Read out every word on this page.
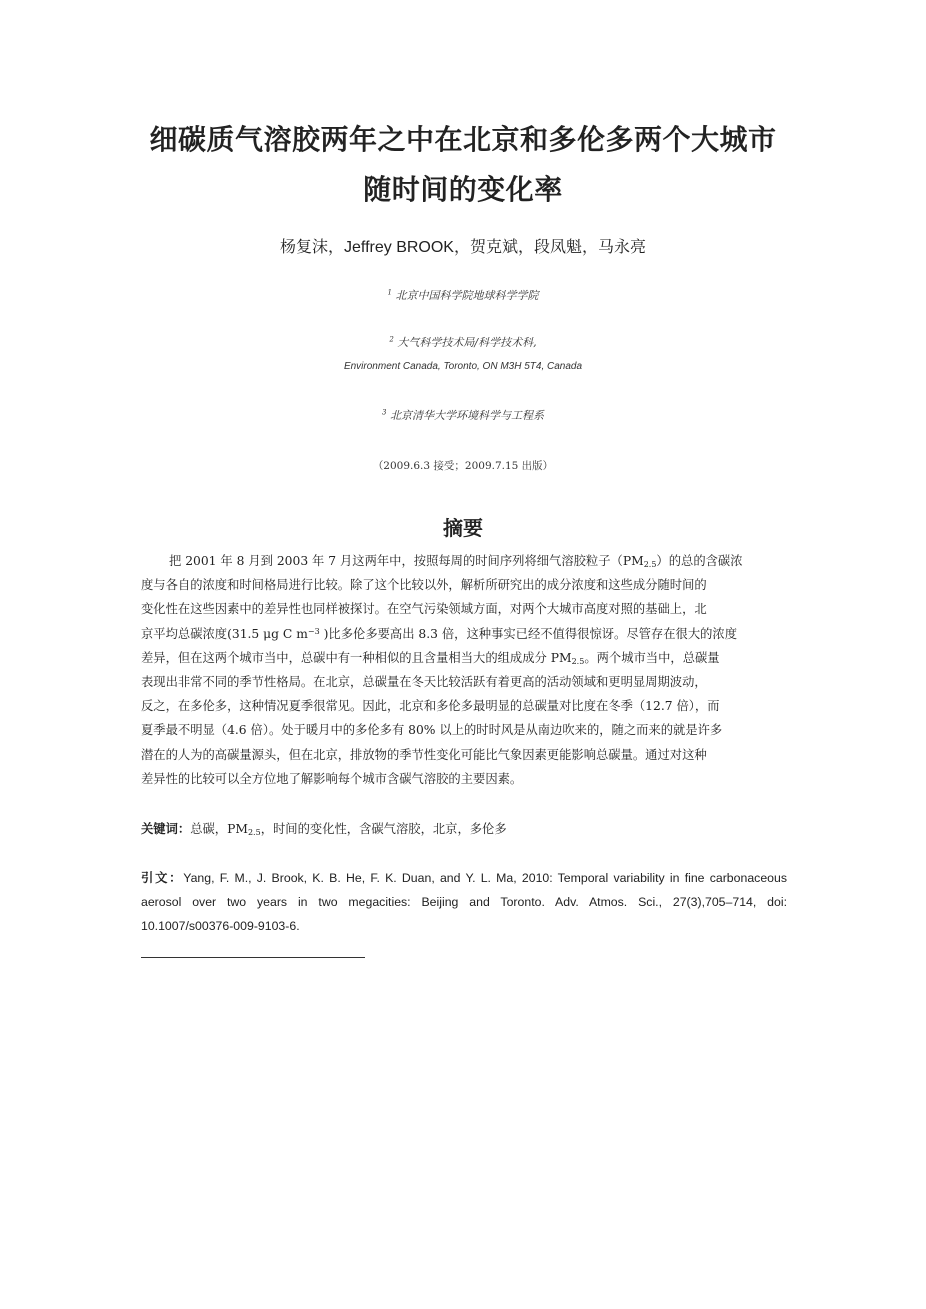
细碳质气溶胶两年之中在北京和多伦多两个大城市
随时间的变化率
杨复沫，Jeffrey BROOK，贺克斌，段凤魁，马永亮
$^1$ 北京中国科学院地球科学学院
$^2$ 大气科学技术局/科学技术科,
Environment Canada, Toronto, ON M3H 5T4, Canada
$^3$ 北京清华大学环境科学与工程系
（2009.6.3 接受；2009.7.15 出版）
摘要
把 2001 年 8 月到 2003 年 7 月这两年中，按照每周的时间序列将细气溶胶粒子$(PM_{2.5})$的总的含碳浓
度与各自的浓度和时间格局进行比较。除了这个比较以外，解析所研究出的成分浓度和这些成分随时间的
变化性在这些因素中的差异性也同样被探讨。在空气污染领域方面，对两个大城市高度对照的基础上，北
京平均总碳浓度(31.5 μg C $m^{-3}$ )比多伦多要高出 8.3 倍，这种事实已经不值得很惊讶。尽管存在很大的浓度
差异，但在这两个城市当中，总碳中有一种相似的且含量相当大的组成成分 $PM_{2.5}$。两个城市当中，总碳量
表现出非常不同的季节性格局。在北京，总碳量在冬天比较活跃有着更高的活动领域和更明显周期波动，
反之，在多伦多，这种情况夏季很常见。因此，北京和多伦多最明显的总碳量对比度在冬季（12.7 倍），而
夏季最不明显（4.6 倍）。处于暖月中的多伦多有 80% 以上的时时风是从南边吹来的，随之而来的就是许多
潜在的人为的高碳量源头，但在北京，排放物的季节性变化可能比气象因素更能影响总碳量。通过对这种
差异性的比较可以全方位地了解影响每个城市含碳气溶胶的主要因素。
关键词：总碳，$PM_{2.5}$，时间的变化性，含碳气溶胶，北京，多伦多
引文：Yang, F. M., J. Brook, K. B. He, F. K. Duan, and Y. L. Ma, 2010: Temporal variability in fine carbonaceous
aerosol over two years in two megacities: Beijing and Toronto. Adv. Atmos. Sci., 27(3),705–714, doi:
10.1007/s00376-009-9103-6.
